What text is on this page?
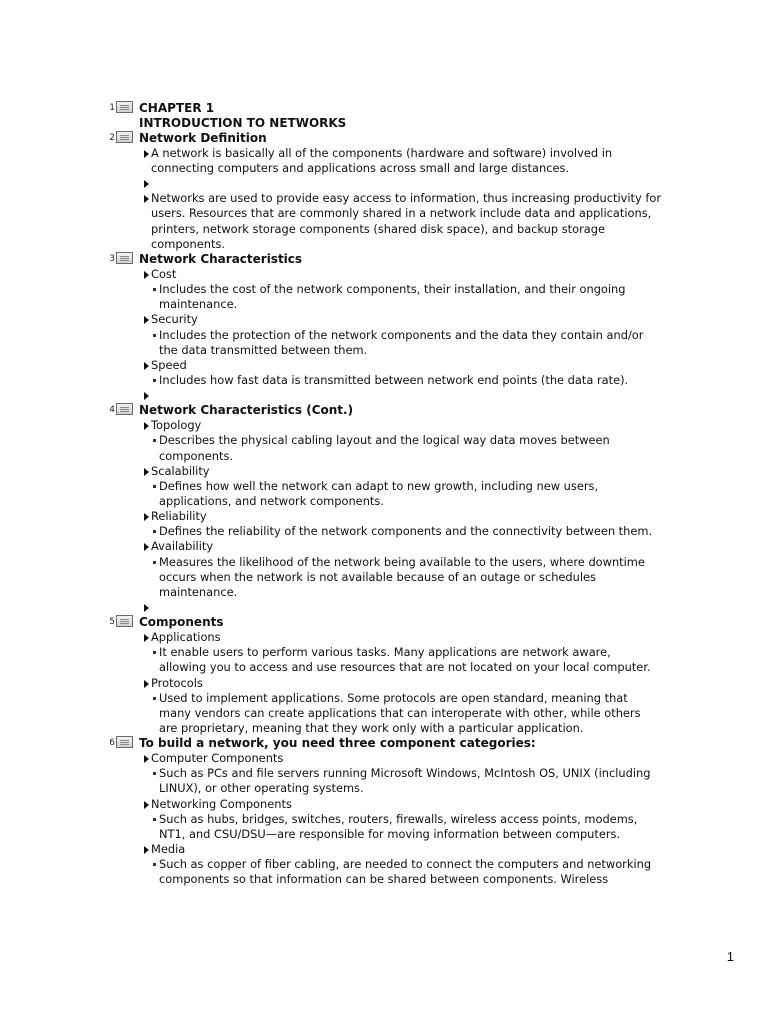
1 CHAPTER 1
INTRODUCTION TO NETWORKS
2 Network Definition
A network is basically all of the components (hardware and software) involved in connecting computers and applications across small and large distances.
Networks are used to provide easy access to information, thus increasing productivity for users. Resources that are commonly shared in a network include data and applications, printers, network storage components (shared disk space), and backup storage components.
3 Network Characteristics
Cost
Includes the cost of the network components, their installation, and their ongoing maintenance.
Security
Includes the protection of the network components and the data they contain and/or the data transmitted between them.
Speed
Includes how fast data is transmitted between network end points (the data rate).
4 Network Characteristics (Cont.)
Topology
Describes the physical cabling layout and the logical way data moves between components.
Scalability
Defines how well the network can adapt to new growth, including new users, applications, and network components.
Reliability
Defines the reliability of the network components and the connectivity between them.
Availability
Measures the likelihood of the network being available to the users, where downtime occurs when the network is not available because of an outage or schedules maintenance.
5 Components
Applications
It enable users to perform various tasks. Many applications are network aware, allowing you to access and use resources that are not located on your local computer.
Protocols
Used to implement applications. Some protocols are open standard, meaning that many vendors can create applications that can interoperate with other, while others are proprietary, meaning that they work only with a particular application.
6 To build a network, you need three component categories:
Computer Components
Such as PCs and file servers running Microsoft Windows, McIntosh OS, UNIX (including LINUX), or other operating systems.
Networking Components
Such as hubs, bridges, switches, routers, firewalls, wireless access points, modems, NT1, and CSU/DSU—are responsible for moving information between computers.
Media
Such as copper of fiber cabling, are needed to connect the computers and networking components so that information can be shared between components. Wireless
1
